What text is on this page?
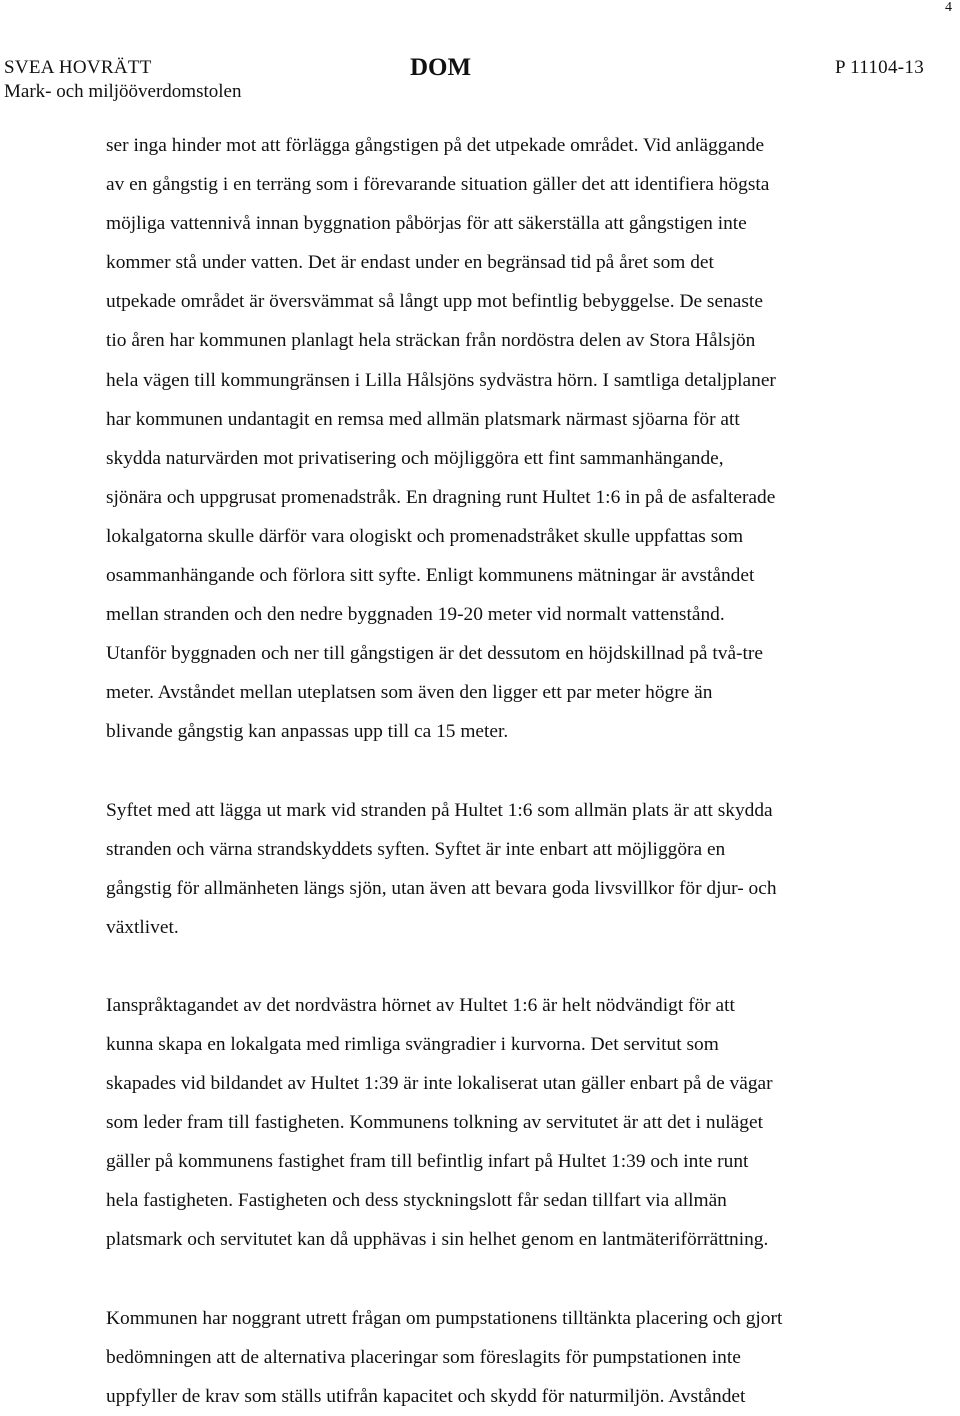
4
SVEA HOVRÄTT
Mark- och miljööverdomstolen
DOM	P 11104-13

ser inga hinder mot att förlägga gångstigen på det utpekade området. Vid anläggande
av en gångstig i en terräng som i förevarande situation gäller det att identifiera högsta
möjliga vattennivå innan byggnation påbörjas för att säkerställa att gångstigen inte
kommer stå under vatten. Det är endast under en begränsad tid på året som det
utpekade området är översvämmat så långt upp mot befintlig bebyggelse. De senaste
tio åren har kommunen planlagt hela sträckan från nordöstra delen av Stora Hålsjön
hela vägen till kommungränsen i Lilla Hålsjöns sydvästra hörn. I samtliga detaljplaner
har kommunen undantagit en remsa med allmän platsmark närmast sjöarna för att
skydda naturvärden mot privatisering och möjliggöra ett fint sammanhängande,
sjönära och uppgrusat promenadstråk. En dragning runt Hultet 1:6 in på de asfalterade
lokalgatorna skulle därför vara ologiskt och promenadstråket skulle uppfattas som
osammanhängande och förlora sitt syfte. Enligt kommunens mätningar är avståndet
mellan stranden och den nedre byggnaden 19-20 meter vid normalt vattenstånd.
Utanför byggnaden och ner till gångstigen är det dessutom en höjdskillnad på två-tre
meter. Avståndet mellan uteplatsen som även den ligger ett par meter högre än
blivande gångstig kan anpassas upp till ca 15 meter.

Syftet med att lägga ut mark vid stranden på Hultet 1:6 som allmän plats är att skydda
stranden och värna strandskyddets syften. Syftet är inte enbart att möjliggöra en
gångstig för allmänheten längs sjön, utan även att bevara goda livsvillkor för djur- och
växtlivet.

Ianspråktagandet av det nordvästra hörnet av Hultet 1:6 är helt nödvändigt för att
kunna skapa en lokalgata med rimliga svängradier i kurvorna. Det servitut som
skapades vid bildandet av Hultet 1:39 är inte lokaliserat utan gäller enbart på de vägar
som leder fram till fastigheten. Kommunens tolkning av servitutet är att det i nuläget
gäller på kommunens fastighet fram till befintlig infart på Hultet 1:39 och inte runt
hela fastigheten. Fastigheten och dess styckningslott får sedan tillfart via allmän
platsmark och servitutet kan då upphävas i sin helhet genom en lantmäteriförrättning.

Kommunen har noggrant utrett frågan om pumpstationens tilltänkta placering och gjort
bedömningen att de alternativa placeringar som föreslagits för pumpstationen inte
uppfyller de krav som ställs utifrån kapacitet och skydd för naturmiljön. Avståndet
